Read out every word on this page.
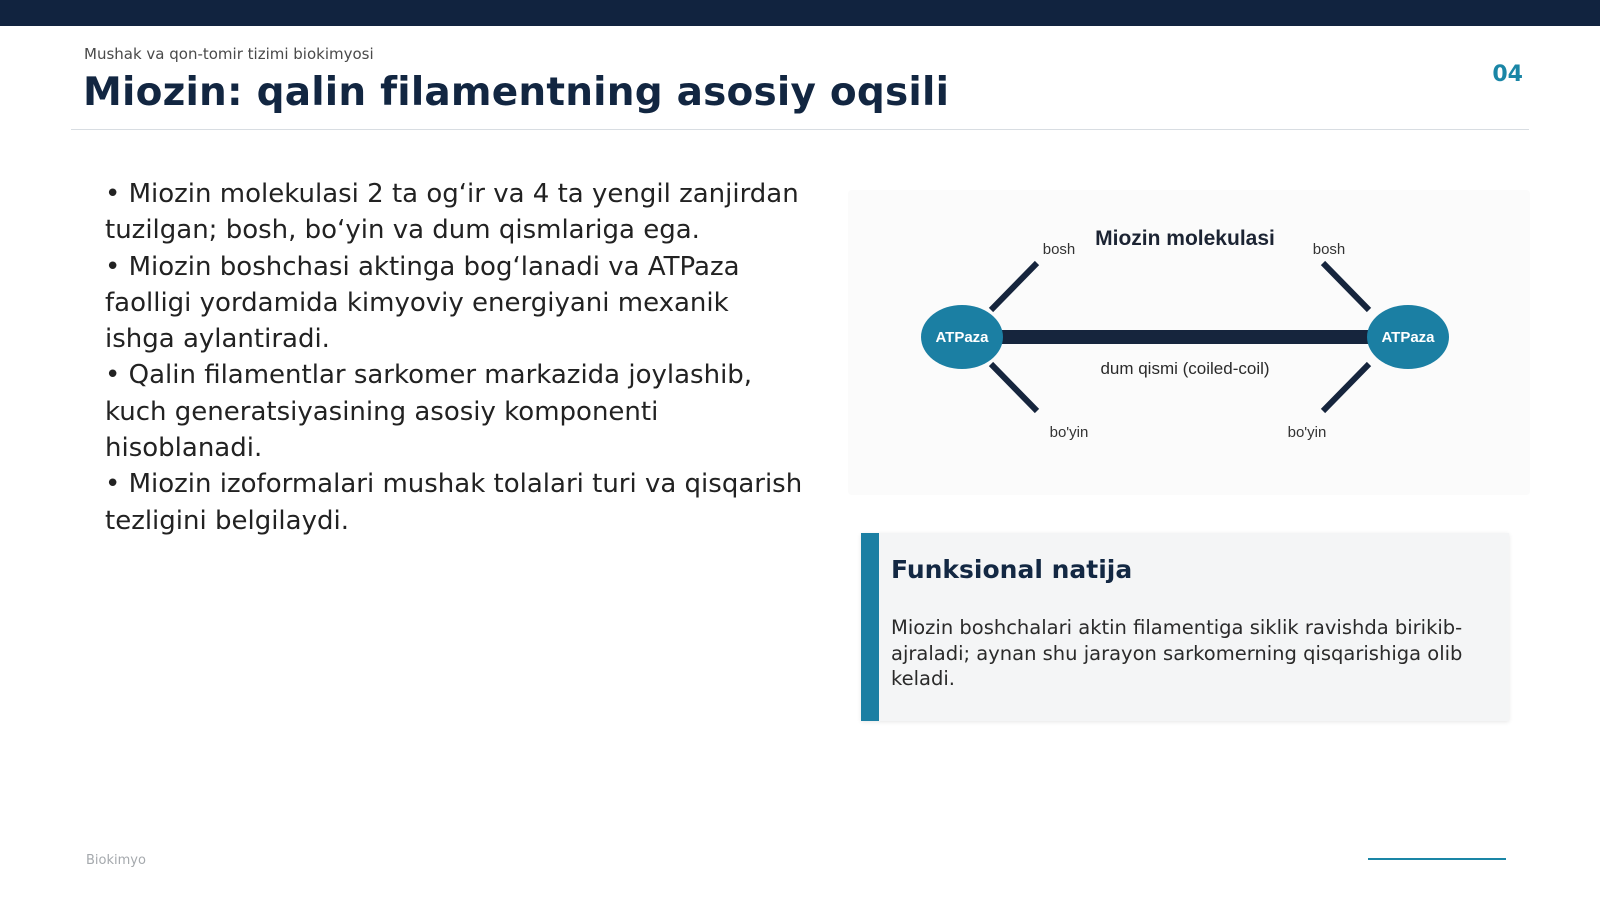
Mushak va qon-tomir tizimi biokimyosi
Miozin: qalin filamentning asosiy oqsili	04
• Miozin molekulasi 2 ta og‘ir va 4 ta yengil zanjirdan tuzilgan; bosh, bo‘yin va dum qismlariga ega.
• Miozin boshchasi aktinga bog‘lanadi va ATPaza faolligi yordamida kimyoviy energiyani mexanik ishga aylantiradi.
• Qalin filamentlar sarkomer markazida joylashib, kuch generatsiyasining asosiy komponenti hisoblanadi.
• Miozin izoformalari mushak tolalari turi va qisqarish tezligini belgilaydi.
Miozin molekulasi
bosh	bosh
bo'yin	bo'yin
ATPaza	ATPaza
dum qismi (coiled-coil)
Funksional natija

Miozin boshchalari aktin filamentiga siklik ravishda birikib-ajraladi; aynan shu jarayon sarkomerning qisqarishiga olib keladi.

Biokimyo
